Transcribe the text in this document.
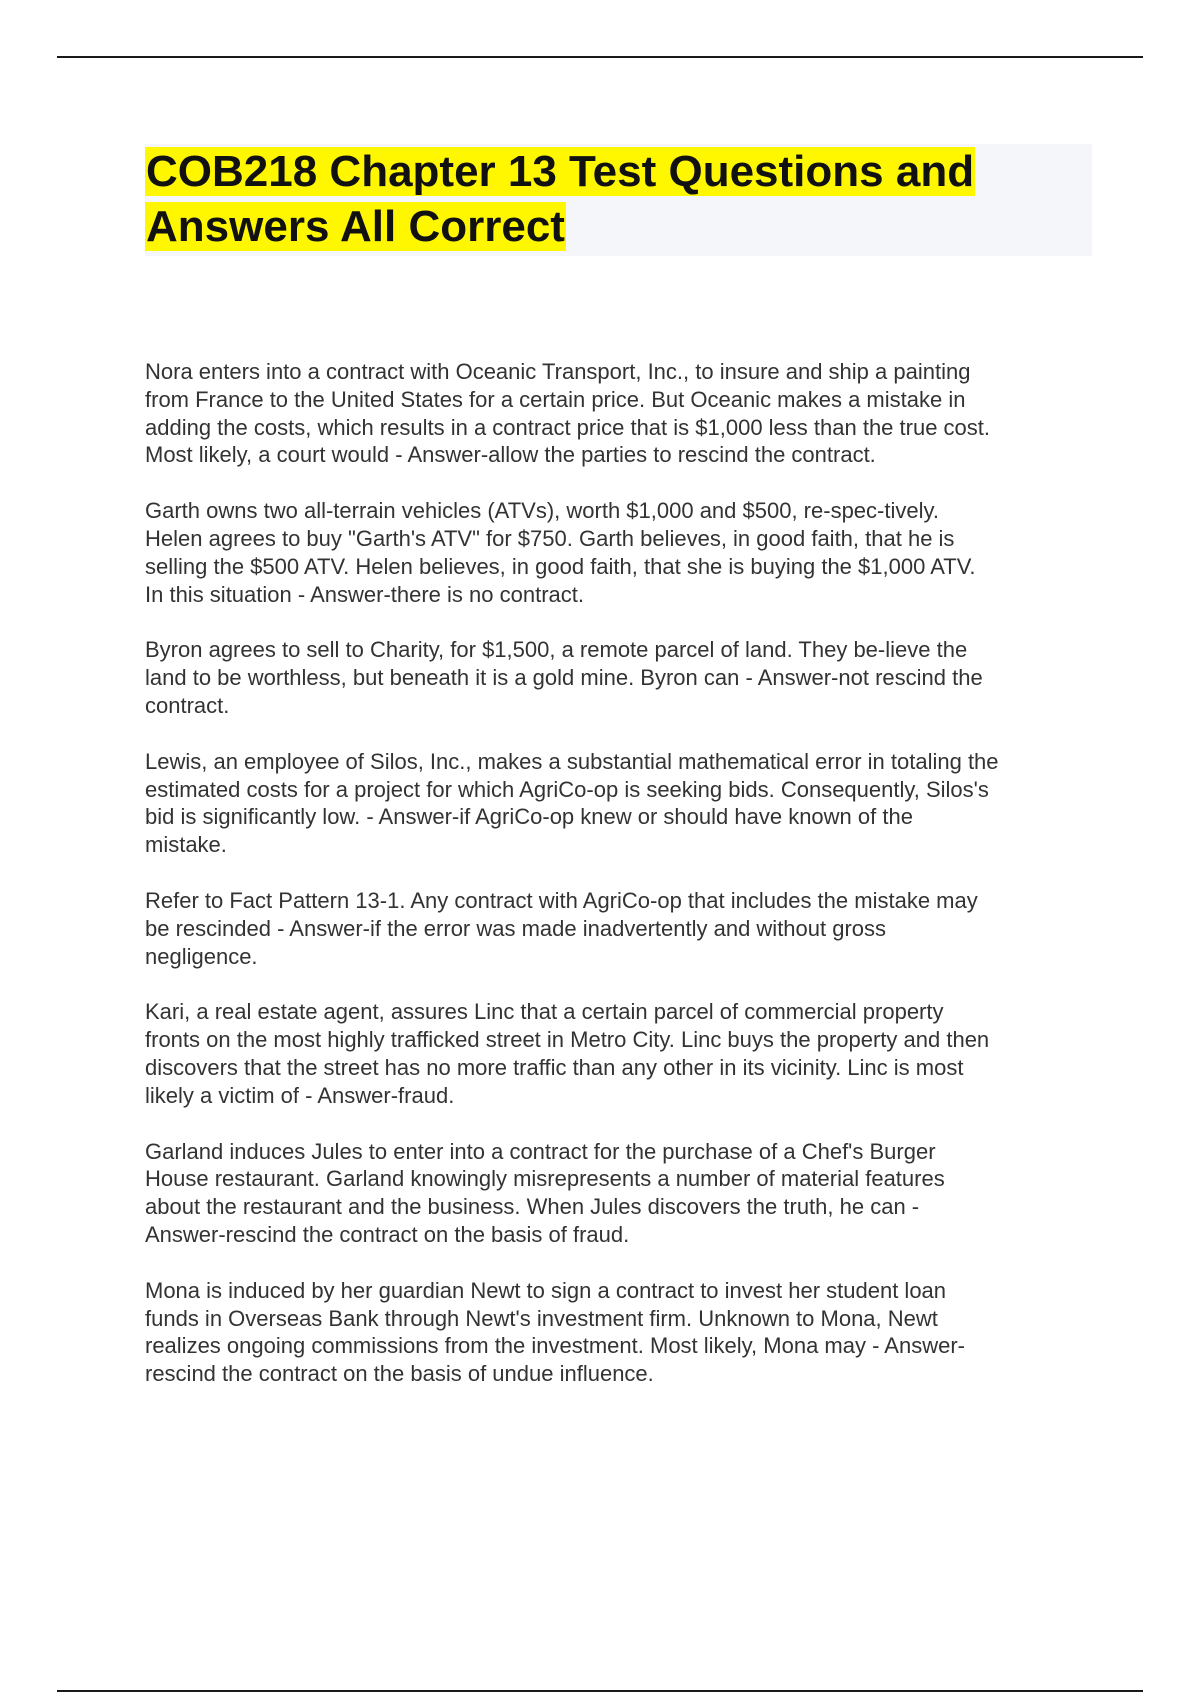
COB218 Chapter 13 Test Questions and
Answers All Correct

Nora enters into a contract with Oceanic Transport, Inc., to insure and ship a painting
from France to the United States for a certain price. But Oceanic makes a mistake in
adding the costs, which results in a contract price that is $1,000 less than the true cost.
Most likely, a court would - Answer-allow the parties to rescind the contract.

Garth owns two all-terrain vehicles (ATVs), worth $1,000 and $500, re-spec-tively.
Helen agrees to buy "Garth's ATV" for $750. Garth believes, in good faith, that he is
selling the $500 ATV. Helen believes, in good faith, that she is buying the $1,000 ATV.
In this situation - Answer-there is no contract.

Byron agrees to sell to Charity, for $1,500, a remote parcel of land. They be-lieve the
land to be worthless, but beneath it is a gold mine. Byron can - Answer-not rescind the
contract.

Lewis, an employee of Silos, Inc., makes a substantial mathematical error in totaling the
estimated costs for a project for which AgriCo-op is seeking bids. Consequently, Silos's
bid is significantly low. - Answer-if AgriCo-op knew or should have known of the
mistake.

Refer to Fact Pattern 13-1. Any contract with AgriCo-op that includes the mistake may
be rescinded - Answer-if the error was made inadvertently and without gross
negligence.

Kari, a real estate agent, assures Linc that a certain parcel of commercial property
fronts on the most highly trafficked street in Metro City. Linc buys the property and then
discovers that the street has no more traffic than any other in its vicinity. Linc is most
likely a victim of - Answer-fraud.

Garland induces Jules to enter into a contract for the purchase of a Chef's Burger
House restaurant. Garland knowingly misrepresents a number of material features
about the restaurant and the business. When Jules discovers the truth, he can -
Answer-rescind the contract on the basis of fraud.

Mona is induced by her guardian Newt to sign a contract to invest her student loan
funds in Overseas Bank through Newt's investment firm. Unknown to Mona, Newt
realizes ongoing commissions from the investment. Most likely, Mona may - Answer-
rescind the contract on the basis of undue influence.
